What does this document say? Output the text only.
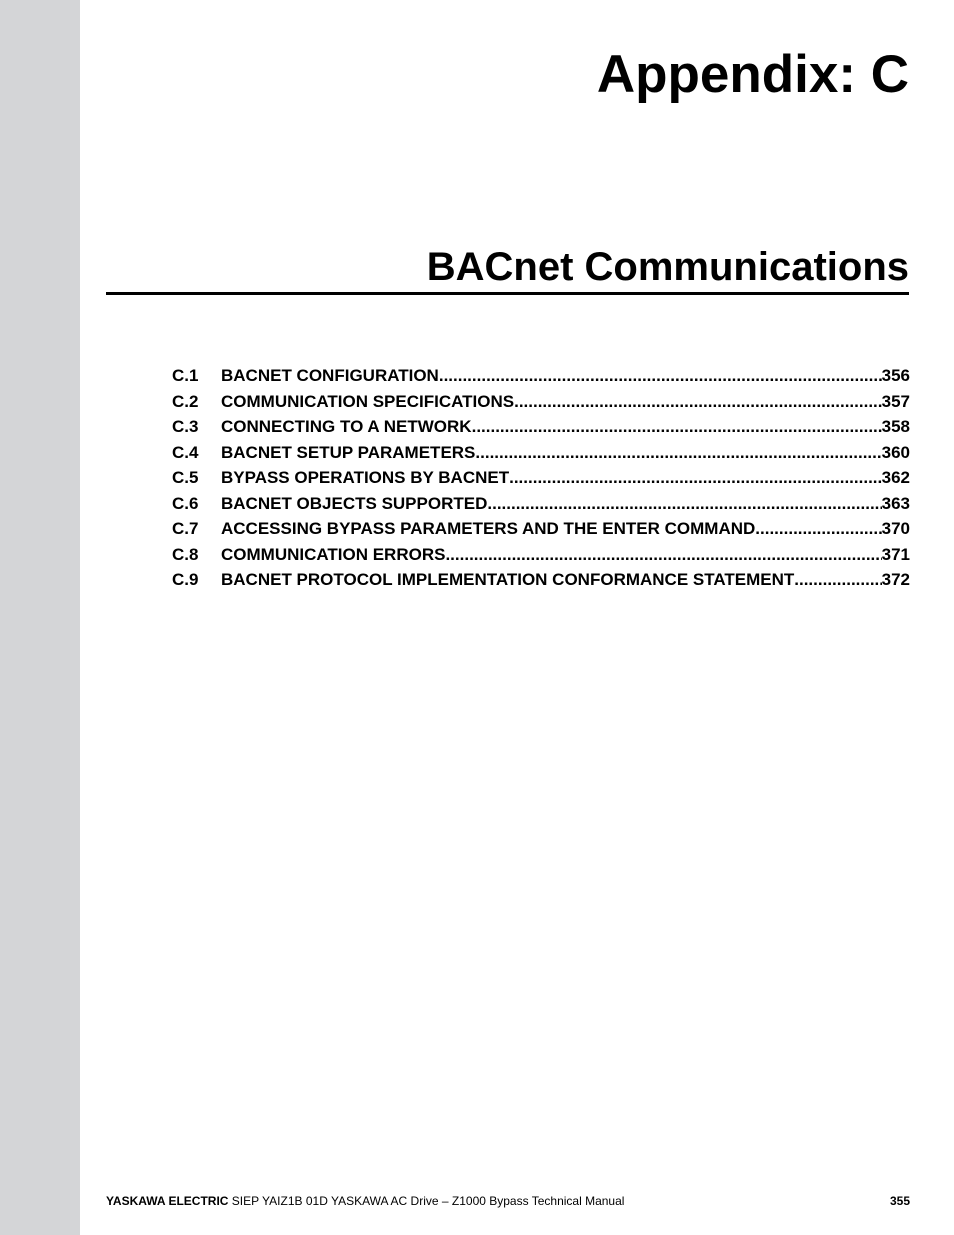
Appendix: C
BACnet Communications
C.1	BACNET CONFIGURATION .....	356
C.2	COMMUNICATION SPECIFICATIONS .....	357
C.3	CONNECTING TO A NETWORK .....	358
C.4	BACNET SETUP PARAMETERS .....	360
C.5	BYPASS OPERATIONS BY BACNET .....	362
C.6	BACNET OBJECTS SUPPORTED .....	363
C.7	ACCESSING BYPASS PARAMETERS AND THE ENTER COMMAND .....	370
C.8	COMMUNICATION ERRORS .....	371
C.9	BACNET PROTOCOL IMPLEMENTATION CONFORMANCE STATEMENT .....	372
YASKAWA ELECTRIC SIEP YAIZ1B 01D YASKAWA AC Drive – Z1000 Bypass Technical Manual	355
